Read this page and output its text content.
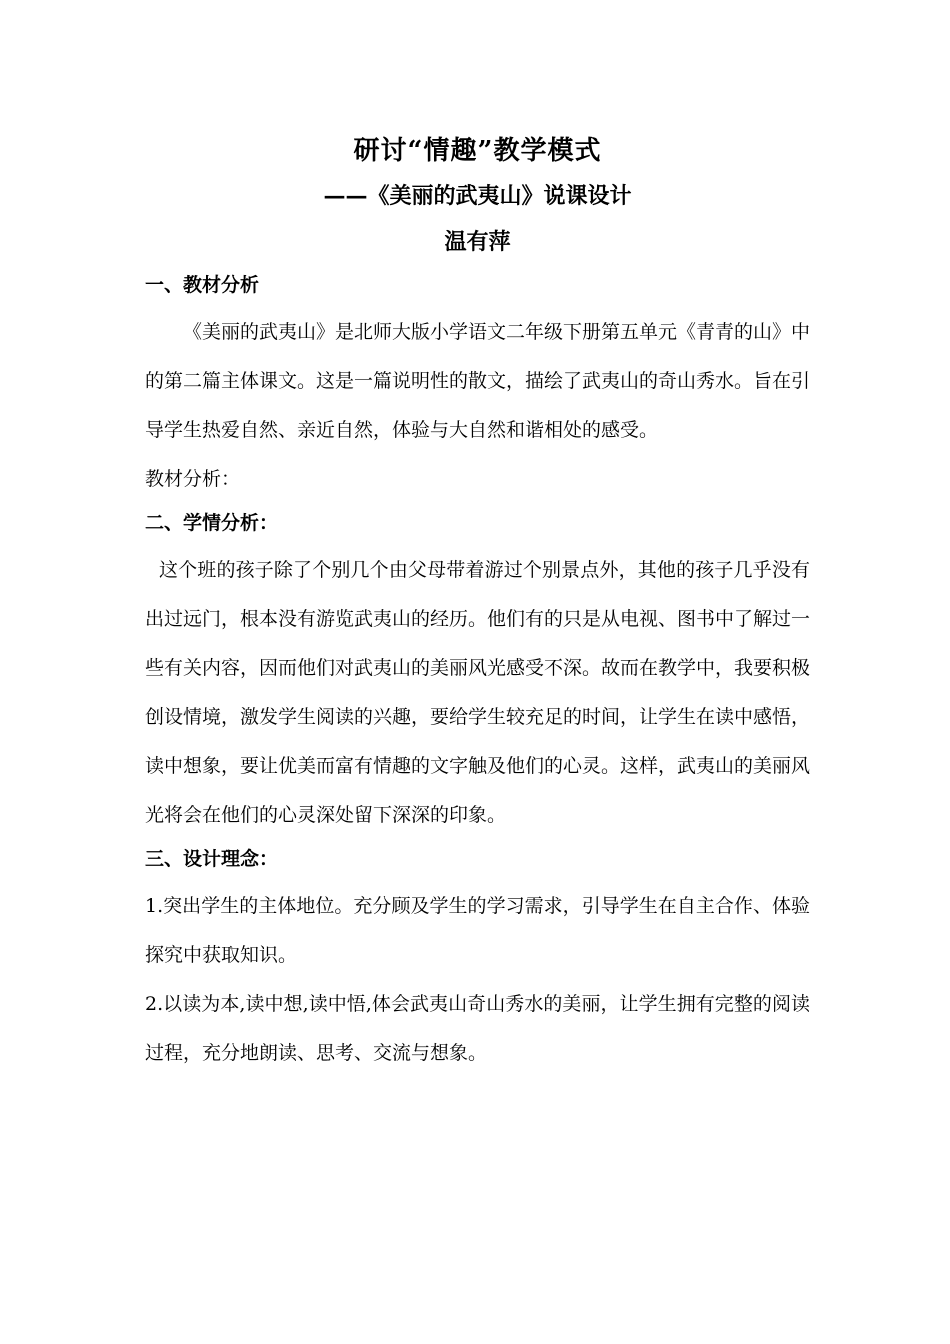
研讨“情趣”教学模式
——《美丽的武夷山》说课设计

温有萍

一、教材分析

《美丽的武夷山》是北师大版小学语文二年级下册第五单元《青青的山》中的第二篇主体课文。这是一篇说明性的散文，描绘了武夷山的奇山秀水。旨在引导学生热爱自然、亲近自然，体验与大自然和谐相处的感受。

教材分析：

二、学情分析：

这个班的孩子除了个别几个由父母带着游过个别景点外，其他的孩子几乎没有出过远门，根本没有游览武夷山的经历。他们有的只是从电视、图书中了解过一些有关内容，因而他们对武夷山的美丽风光感受不深。故而在教学中，我要积极创设情境，激发学生阅读的兴趣，要给学生较充足的时间，让学生在读中感悟，读中想象，要让优美而富有情趣的文字触及他们的心灵。这样，武夷山的美丽风光将会在他们的心灵深处留下深深的印象。

三、设计理念：

1.突出学生的主体地位。充分顾及学生的学习需求，引导学生在自主合作、体验探究中获取知识。

2.以读为本,读中想,读中悟,体会武夷山奇山秀水的美丽，让学生拥有完整的阅读过程，充分地朗读、思考、交流与想象。
